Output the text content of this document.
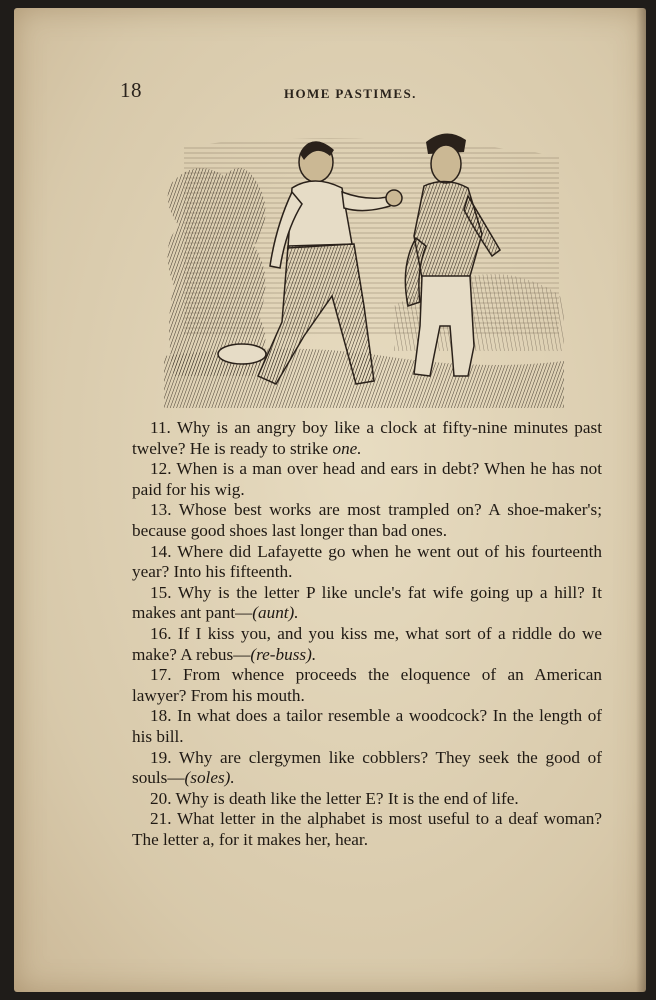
18	HOME PASTIMES.

11. Why is an angry boy like a clock at fifty-nine minutes past twelve? He is ready to strike one.

12. When is a man over head and ears in debt? When he has not paid for his wig.

13. Whose best works are most trampled on? A shoe-maker's; because good shoes last longer than bad ones.

14. Where did Lafayette go when he went out of his fourteenth year? Into his fifteenth.

15. Why is the letter P like uncle's fat wife going up a hill? It makes ant pant—(aunt).

16. If I kiss you, and you kiss me, what sort of a riddle do we make? A rebus—(re-buss).

17. From whence proceeds the eloquence of an American lawyer? From his mouth.

18. In what does a tailor resemble a woodcock? In the length of his bill.

19. Why are clergymen like cobblers? They seek the good of souls—(soles).

20. Why is death like the letter E? It is the end of life.

21. What letter in the alphabet is most useful to a deaf woman? The letter a, for it makes her, hear.
